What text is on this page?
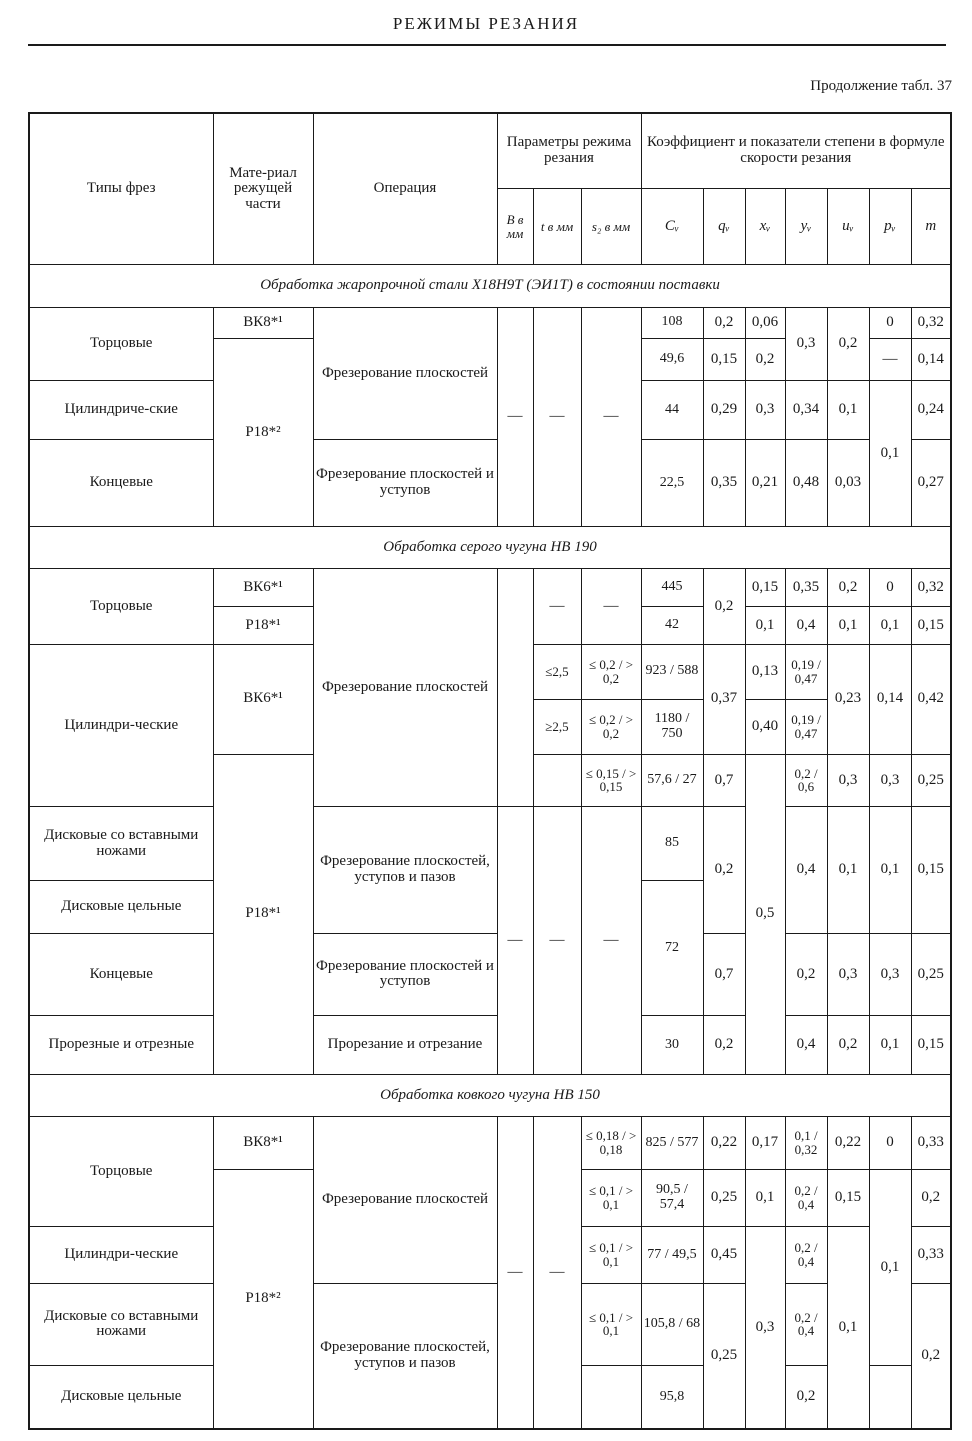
РЕЖИМЫ РЕЗАНИЯ
Продолжение табл. 37
Типы фрез	Мате-риал режущей части	Операция	Параметры режима резания			Коэффициент и показатели степени в формуле скорости резания						
			B в мм	t в мм	s₂ в мм	Cᵥ	qᵥ	xᵥ	yᵥ	uᵥ	pᵥ	m
Обработка жаропрочной стали Х18Н9Т (ЭИ1Т) в состоянии поставки												
Торцовые	ВК8*¹	Фрезерование плоскостей	—	—	—	108	0,2	0,06	0,3	0,2	0	0,32
	Р18*²					49,6	0,15	0,2			—	0,14
Цилиндриче-ские						44	0,29	0,3	0,34	0,1	0,1	0,24
Концевые		Фрезерование плоскостей и уступов				22,5	0,35	0,21	0,48	0,03		0,27
Обработка серого чугуна НВ 190												
Торцовые	ВК6*¹	Фрезерование плоскостей		—	—	445	0,2	0,15	0,35	0,2	0	0,32
	Р18*¹					42		0,1	0,4	0,1	0,1	0,15
Цилиндри-ческие	ВК6*¹			≤2,5	≤ 0,2 / > 0,2	923 / 588	0,37	0,13	0,19 / 0,47	0,23	0,14	0,42
				≥2,5	≤ 0,2 / > 0,2	1180 / 750		0,40	0,19 / 0,47			
	Р18*¹				≤ 0,15 / > 0,15	57,6 / 27	0,7	0,5	0,2 / 0,6	0,3	0,3	0,25
Дисковые со вставными ножами		Фрезерование плоскостей, уступов и пазов	—	—	—	85	0,2		0,4	0,1	0,1	0,15
Дисковые цельные						72						
Концевые		Фрезерование плоскостей и уступов					0,7		0,2	0,3	0,3	0,25
Прорезные и отрезные		Прорезание и отрезание				30	0,2		0,4	0,2	0,1	0,15
Обработка ковкого чугуна НВ 150												
Торцовые	ВК8*¹	Фрезерование плоскостей	—	—	≤ 0,18 / > 0,18	825 / 577	0,22	0,17	0,1 / 0,32	0,22	0	0,33
	Р18*²				≤ 0,1 / > 0,1	90,5 / 57,4	0,25	0,1	0,2 / 0,4	0,15	0,1	0,2
Цилиндри-ческие					≤ 0,1 / > 0,1	77 / 49,5	0,45	0,3	0,2 / 0,4	0,1		0,33
Дисковые со вставными ножами		Фрезерование плоскостей, уступов и пазов			≤ 0,1 / > 0,1	105,8 / 68	0,25		0,2 / 0,4			0,2
Дисковые цельные						95,8			0,2			
